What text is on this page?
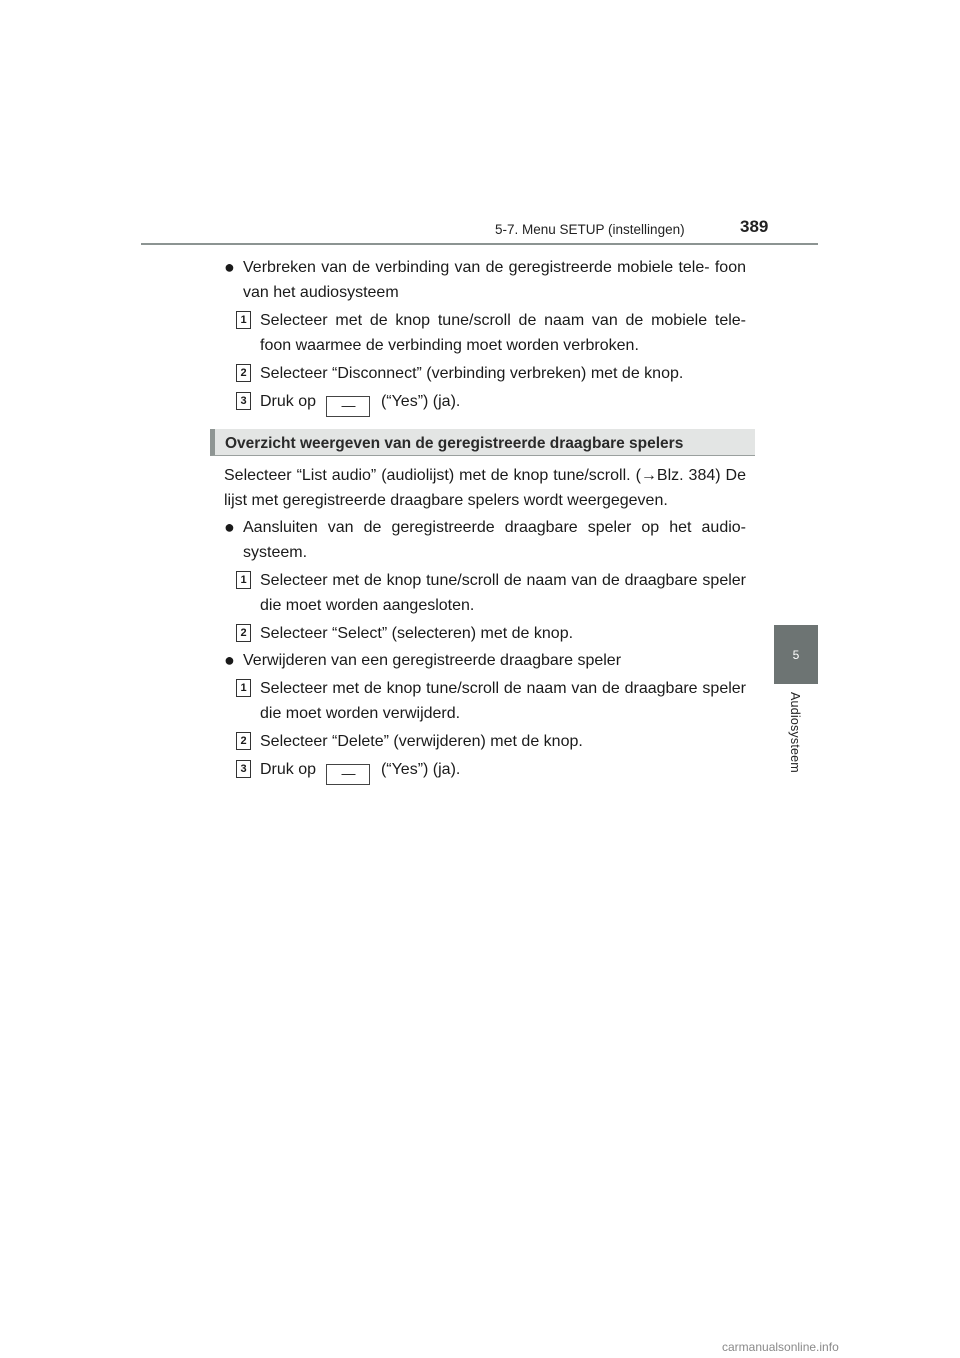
5-7. Menu SETUP (instellingen)	389
5
Audiosysteem
● Verbreken van de verbinding van de geregistreerde mobiele tele- foon van het audiosysteem
1 Selecteer met de knop tune/scroll de naam van de mobiele tele- foon waarmee de verbinding moet worden verbroken.
2 Selecteer “Disconnect” (verbinding verbreken) met de knop.
3 Druk op — (“Yes”) (ja).
Overzicht weergeven van de geregistreerde draagbare spelers
Selecteer “List audio” (audiolijst) met de knop tune/scroll. (→Blz. 384) De lijst met geregistreerde draagbare spelers wordt weergegeven.
● Aansluiten van de geregistreerde draagbare speler op het audio- systeem.
1 Selecteer met de knop tune/scroll de naam van de draagbare speler die moet worden aangesloten.
2 Selecteer “Select” (selecteren) met de knop.
● Verwijderen van een geregistreerde draagbare speler
1 Selecteer met de knop tune/scroll de naam van de draagbare speler die moet worden verwijderd.
2 Selecteer “Delete” (verwijderen) met de knop.
3 Druk op — (“Yes”) (ja).
carmanualsonline.info
